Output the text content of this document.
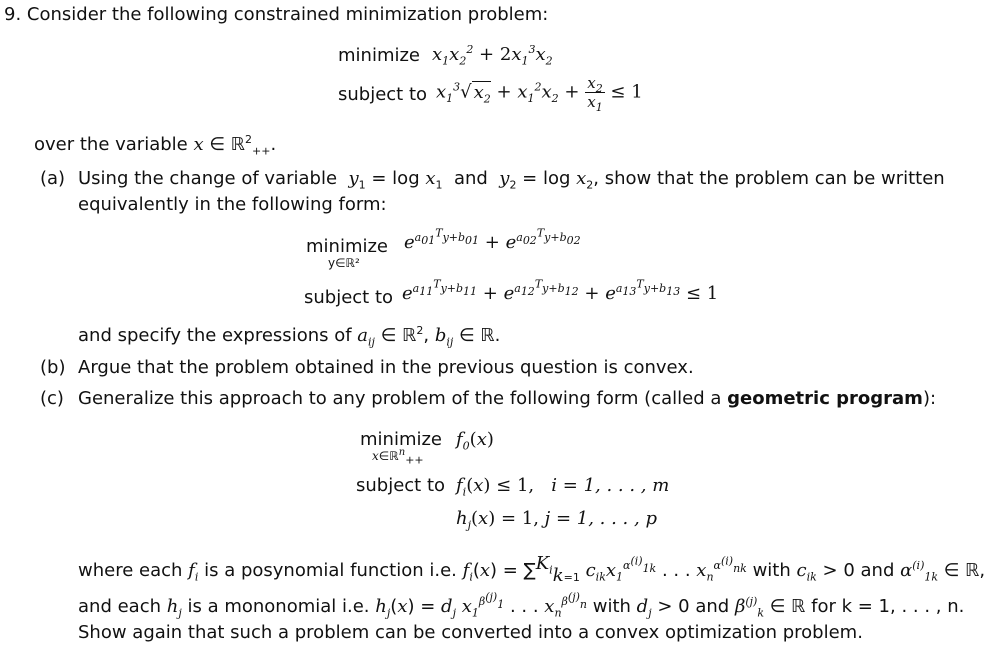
9. Consider the following constrained minimization problem:
minimize $x_1x_2^2 + 2x_1^3x_2$
subject to $x_1^3√$ $x_2 + x_1^2x_2 + \frac{x_2}{x_1} \le 1$
over the variable x ∈ ℝ$^2_{++}$.
(a) Using the change of variable $y_1 = \log x_1$ and $y_2 = \log x_2$, show that the problem can be written
equivalently in the following form:
minimize
y∈ℝ²
$e^{a_{01}^Ty+b_{01}} + e^{a_{02}^Ty+b_{02}}$
subject to $e^{a_{11}^Ty+b_{11}} + e^{a_{12}^Ty+b_{12}} + e^{a_{13}^Ty+b_{13}} \le 1$
and specify the expressions of $a_{ij}$ ∈ ℝ$^2$, $b_{ij}$ ∈ ℝ.
(b) Argue that the problem obtained in the previous question is convex.
(c) Generalize this approach to any problem of the following form (called a geometric program):
minimize
x∈ℝ$^n_{++}$
$f_0(x)$
subject to $f_i(x) \le 1$, i = 1, . . . , m
$h_j(x) = 1$, j = 1, . . . , p
where each $f_i$ is a posynomial function i.e. $f_i(x) = \sum^{K_i}_{k=1}$ $c_{ik}x_1^{\alpha^{(i)}_{1k}}$ . . . $x_n^{\alpha^{(i)}_{nk}}$ with $c_{ik} > 0$ and $\alpha^{(i)}_{1k}$ ∈ ℝ,
and each $h_j$ is a mononomial i.e. $h_j(x) = d_j$ $x_1^{\beta^{(j)}_1}$ . . . $x_n^{\beta^{(j)}_n}$ with $d_j > 0$ and $\beta^{(j)}_k$ ∈ ℝ for k = 1, . . . , n.
Show again that such a problem can be converted into a convex optimization problem.
